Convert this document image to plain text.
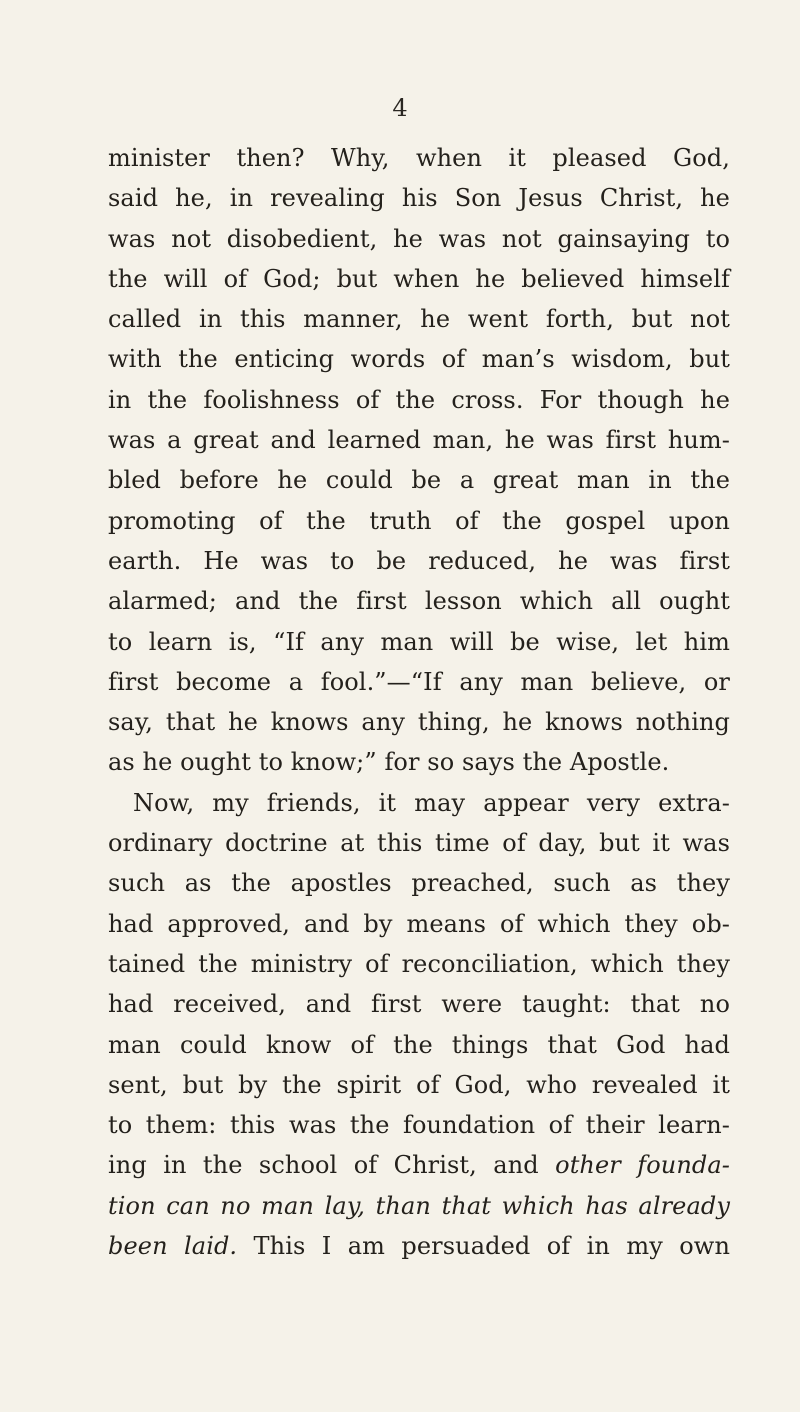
4
minister then? Why, when it pleased God,
said he, in revealing his Son Jesus Christ, he
was not disobedient, he was not gainsaying to
the will of God; but when he believed himself
called in this manner, he went forth, but not
with the enticing words of man’s wisdom, but
in the foolishness of the cross. For though he
was a great and learned man, he was first hum-
bled before he could be a great man in the
promoting of the truth of the gospel upon
earth. He was to be reduced, he was first
alarmed; and the first lesson which all ought
to learn is, “If any man will be wise, let him
first become a fool.”—“If any man believe, or
say, that he knows any thing, he knows nothing
as he ought to know;” for so says the Apostle.
Now, my friends, it may appear very extra-
ordinary doctrine at this time of day, but it was
such as the apostles preached, such as they
had approved, and by means of which they ob-
tained the ministry of reconciliation, which they
had received, and first were taught: that no
man could know of the things that God had
sent, but by the spirit of God, who revealed it
to them: this was the foundation of their learn-
ing in the school of Christ, and other founda-
tion can no man lay, than that which has already
been laid. This I am persuaded of in my own
